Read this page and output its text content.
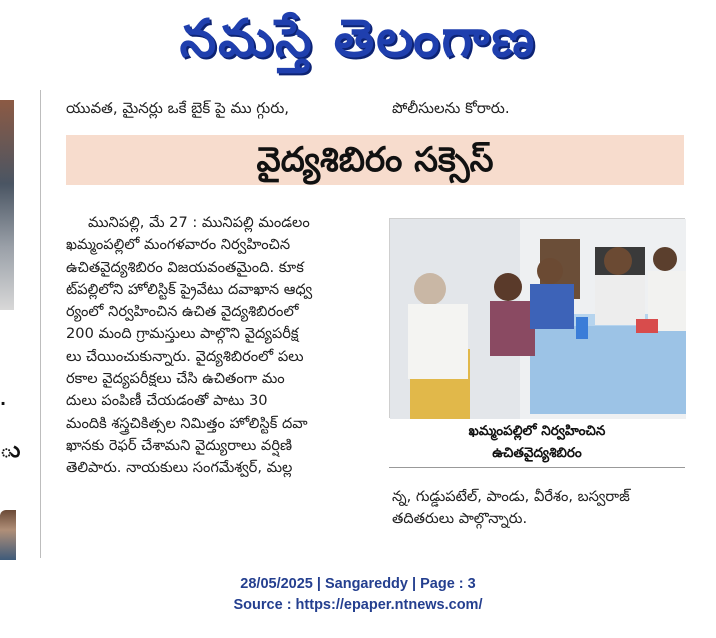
నమస్తే తెలంగాణ
.
ు
యువత, మైనర్లు ఒకే బైక్ పై ము గ్గురు,	పోలీసులను కోరారు.
వైద్యశిబిరం సక్సెస్
మునిపల్లి, మే 27 : మునిపల్లి మండలం
ఖమ్మంపల్లిలో మంగళవారం నిర్వహించిన
ఉచితవైద్యశిబిరం విజయవంతమైంది. కూక
ట్‌పల్లిలోని హోలిస్టిక్ ప్రైవేటు దవాఖాన ఆధ్వ
ర్యంలో నిర్వహించిన ఉచిత వైద్యశిబిరంలో
200 మంది గ్రామస్తులు పాల్గొని వైద్యపరీక్ష
లు చేయించుకున్నారు. వైద్యశిబిరంలో పలు
రకాల వైద్యపరీక్షలు చేసి ఉచితంగా మం
దులు పంపిణీ చేయడంతో పాటు 30
మందికి శస్త్రచికిత్సల నిమిత్తం హోలిస్టిక్ దవా
ఖానకు రెఫర్ చేశామని వైద్యురాలు వర్షిణి
తెలిపారు. నాయకులు సంగమేశ్వర్, మల్ల
ఖమ్మంపల్లిలో నిర్వహించిన
ఉచితవైద్యశిబిరం
న్న, గుడ్డుపటేల్, పాండు, వీరేశం, బస్వరాజ్
తదితరులు పాల్గొన్నారు.
28/05/2025 | Sangareddy | Page : 3
Source : https://epaper.ntnews.com/
